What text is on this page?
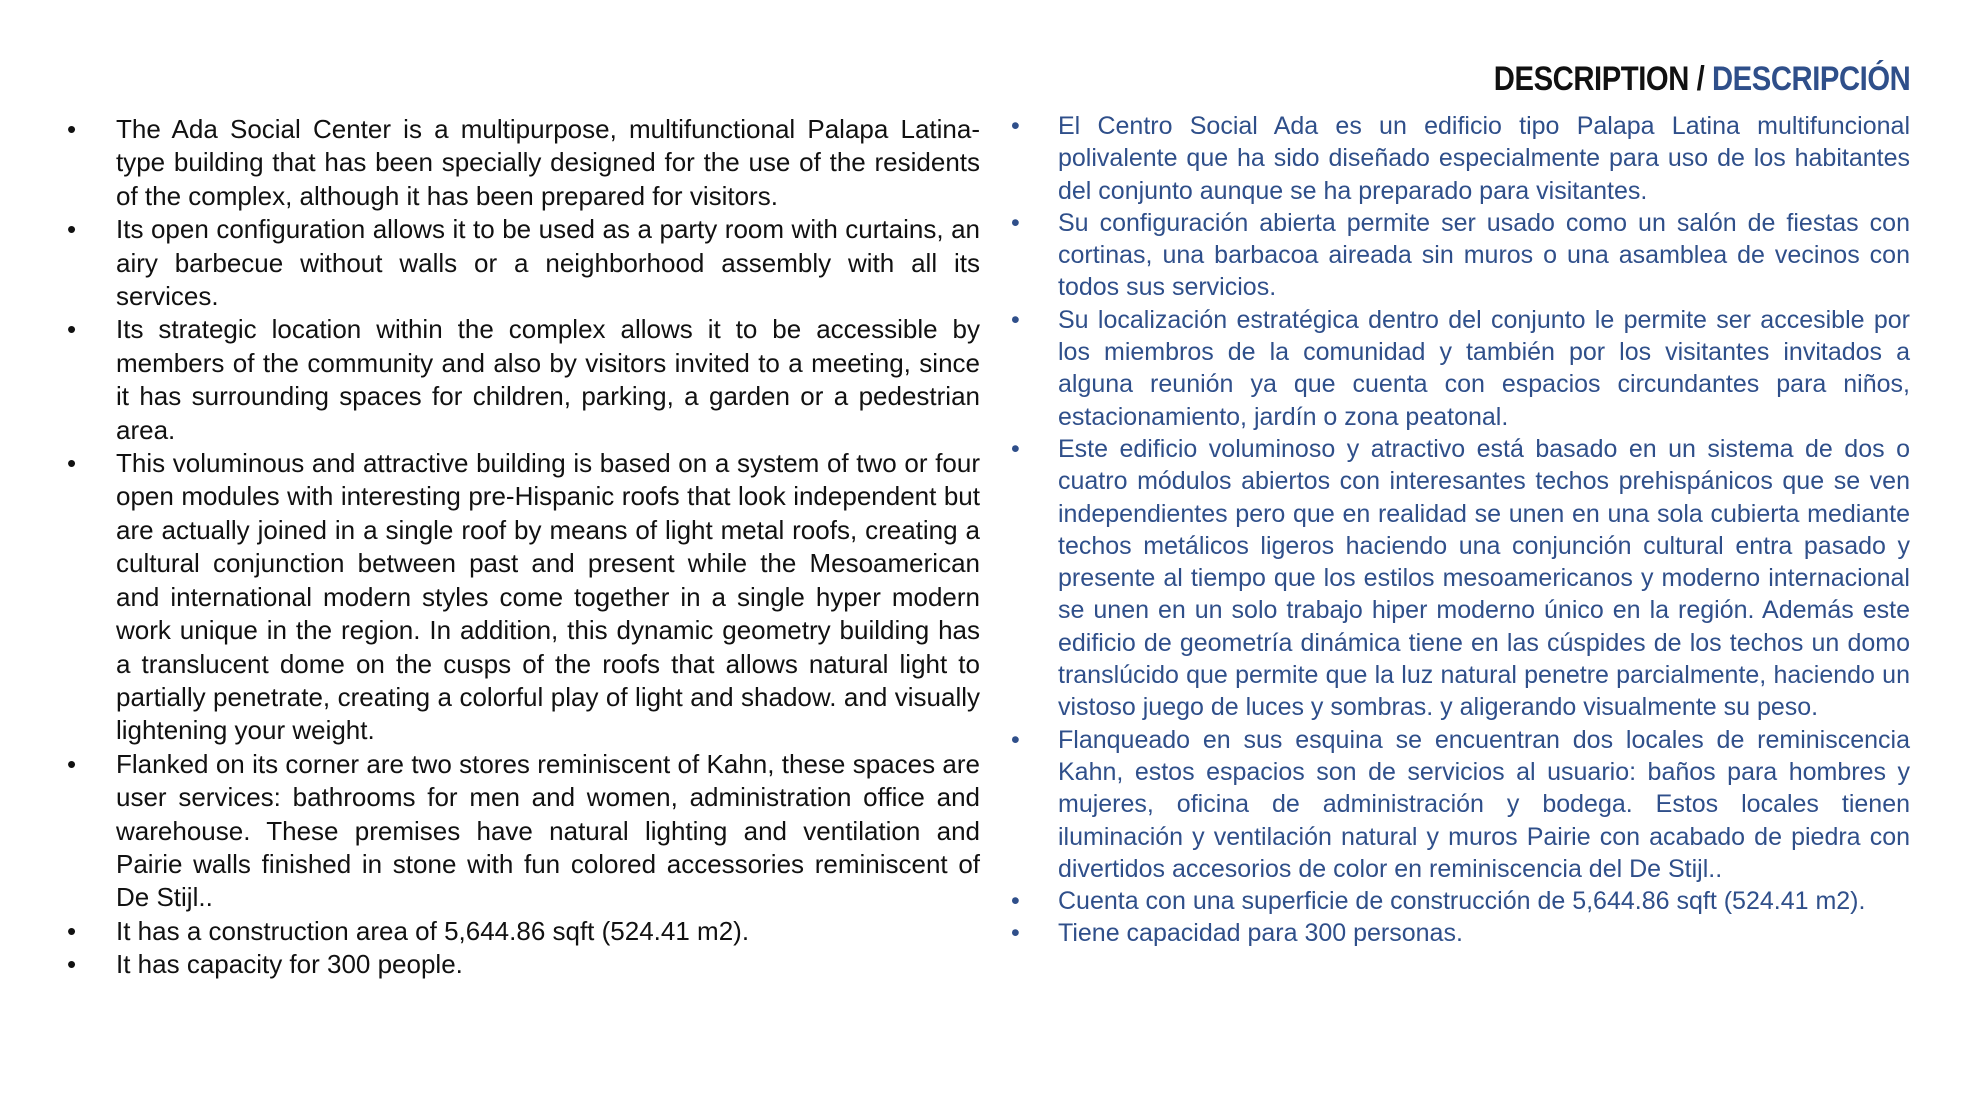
DESCRIPTION / DESCRIPCIÓN
• The Ada Social Center is a multipurpose, multifunctional Palapa Latina-type building that has been specially designed for the use of the residents of the complex, although it has been prepared for visitors.
• Its open configuration allows it to be used as a party room with curtains, an airy barbecue without walls or a neighborhood assembly with all its services.
• Its strategic location within the complex allows it to be accessible by members of the community and also by visitors invited to a meeting, since it has surrounding spaces for children, parking, a garden or a pedestrian area.
• This voluminous and attractive building is based on a system of two or four open modules with interesting pre-Hispanic roofs that look independent but are actually joined in a single roof by means of light metal roofs, creating a cultural conjunction between past and present while the Mesoamerican and international modern styles come together in a single hyper modern work unique in the region. In addition, this dynamic geometry building has a translucent dome on the cusps of the roofs that allows natural light to partially penetrate, creating a colorful play of light and shadow. and visually lightening your weight.
• Flanked on its corner are two stores reminiscent of Kahn, these spaces are user services: bathrooms for men and women, administration office and warehouse. These premises have natural lighting and ventilation and Pairie walls finished in stone with fun colored accessories reminiscent of De Stijl..
• It has a construction area of 5,644.86 sqft (524.41 m2).
• It has capacity for 300 people.
• El Centro Social Ada es un edificio tipo Palapa Latina multifuncional polivalente que ha sido diseñado especialmente para uso de los habitantes del conjunto aunque se ha preparado para visitantes.
• Su configuración abierta permite ser usado como un salón de fiestas con cortinas, una barbacoa aireada sin muros o una asamblea de vecinos con todos sus servicios.
• Su localización estratégica dentro del conjunto le permite ser accesible por los miembros de la comunidad y también por los visitantes invitados a alguna reunión ya que cuenta con espacios circundantes para niños, estacionamiento, jardín o zona peatonal.
• Este edificio voluminoso y atractivo está basado en un sistema de dos o cuatro módulos abiertos con interesantes techos prehispánicos que se ven independientes pero que en realidad se unen en una sola cubierta mediante techos metálicos ligeros haciendo una conjunción cultural entra pasado y presente al tiempo que los estilos mesoamericanos y moderno internacional se unen en un solo trabajo hiper moderno único en la región. Además este edificio de geometría dinámica tiene en las cúspides de los techos un domo translúcido que permite que la luz natural penetre parcialmente, haciendo un vistoso juego de luces y sombras. y aligerando visualmente su peso.
• Flanqueado en sus esquina se encuentran dos locales de reminiscencia Kahn, estos espacios son de servicios al usuario: baños para hombres y mujeres, oficina de administración y bodega. Estos locales tienen iluminación y ventilación natural y muros Pairie con acabado de piedra con divertidos accesorios de color en reminiscencia del De Stijl..
• Cuenta con una superficie de construcción de 5,644.86 sqft (524.41 m2).
• Tiene capacidad para 300 personas.
